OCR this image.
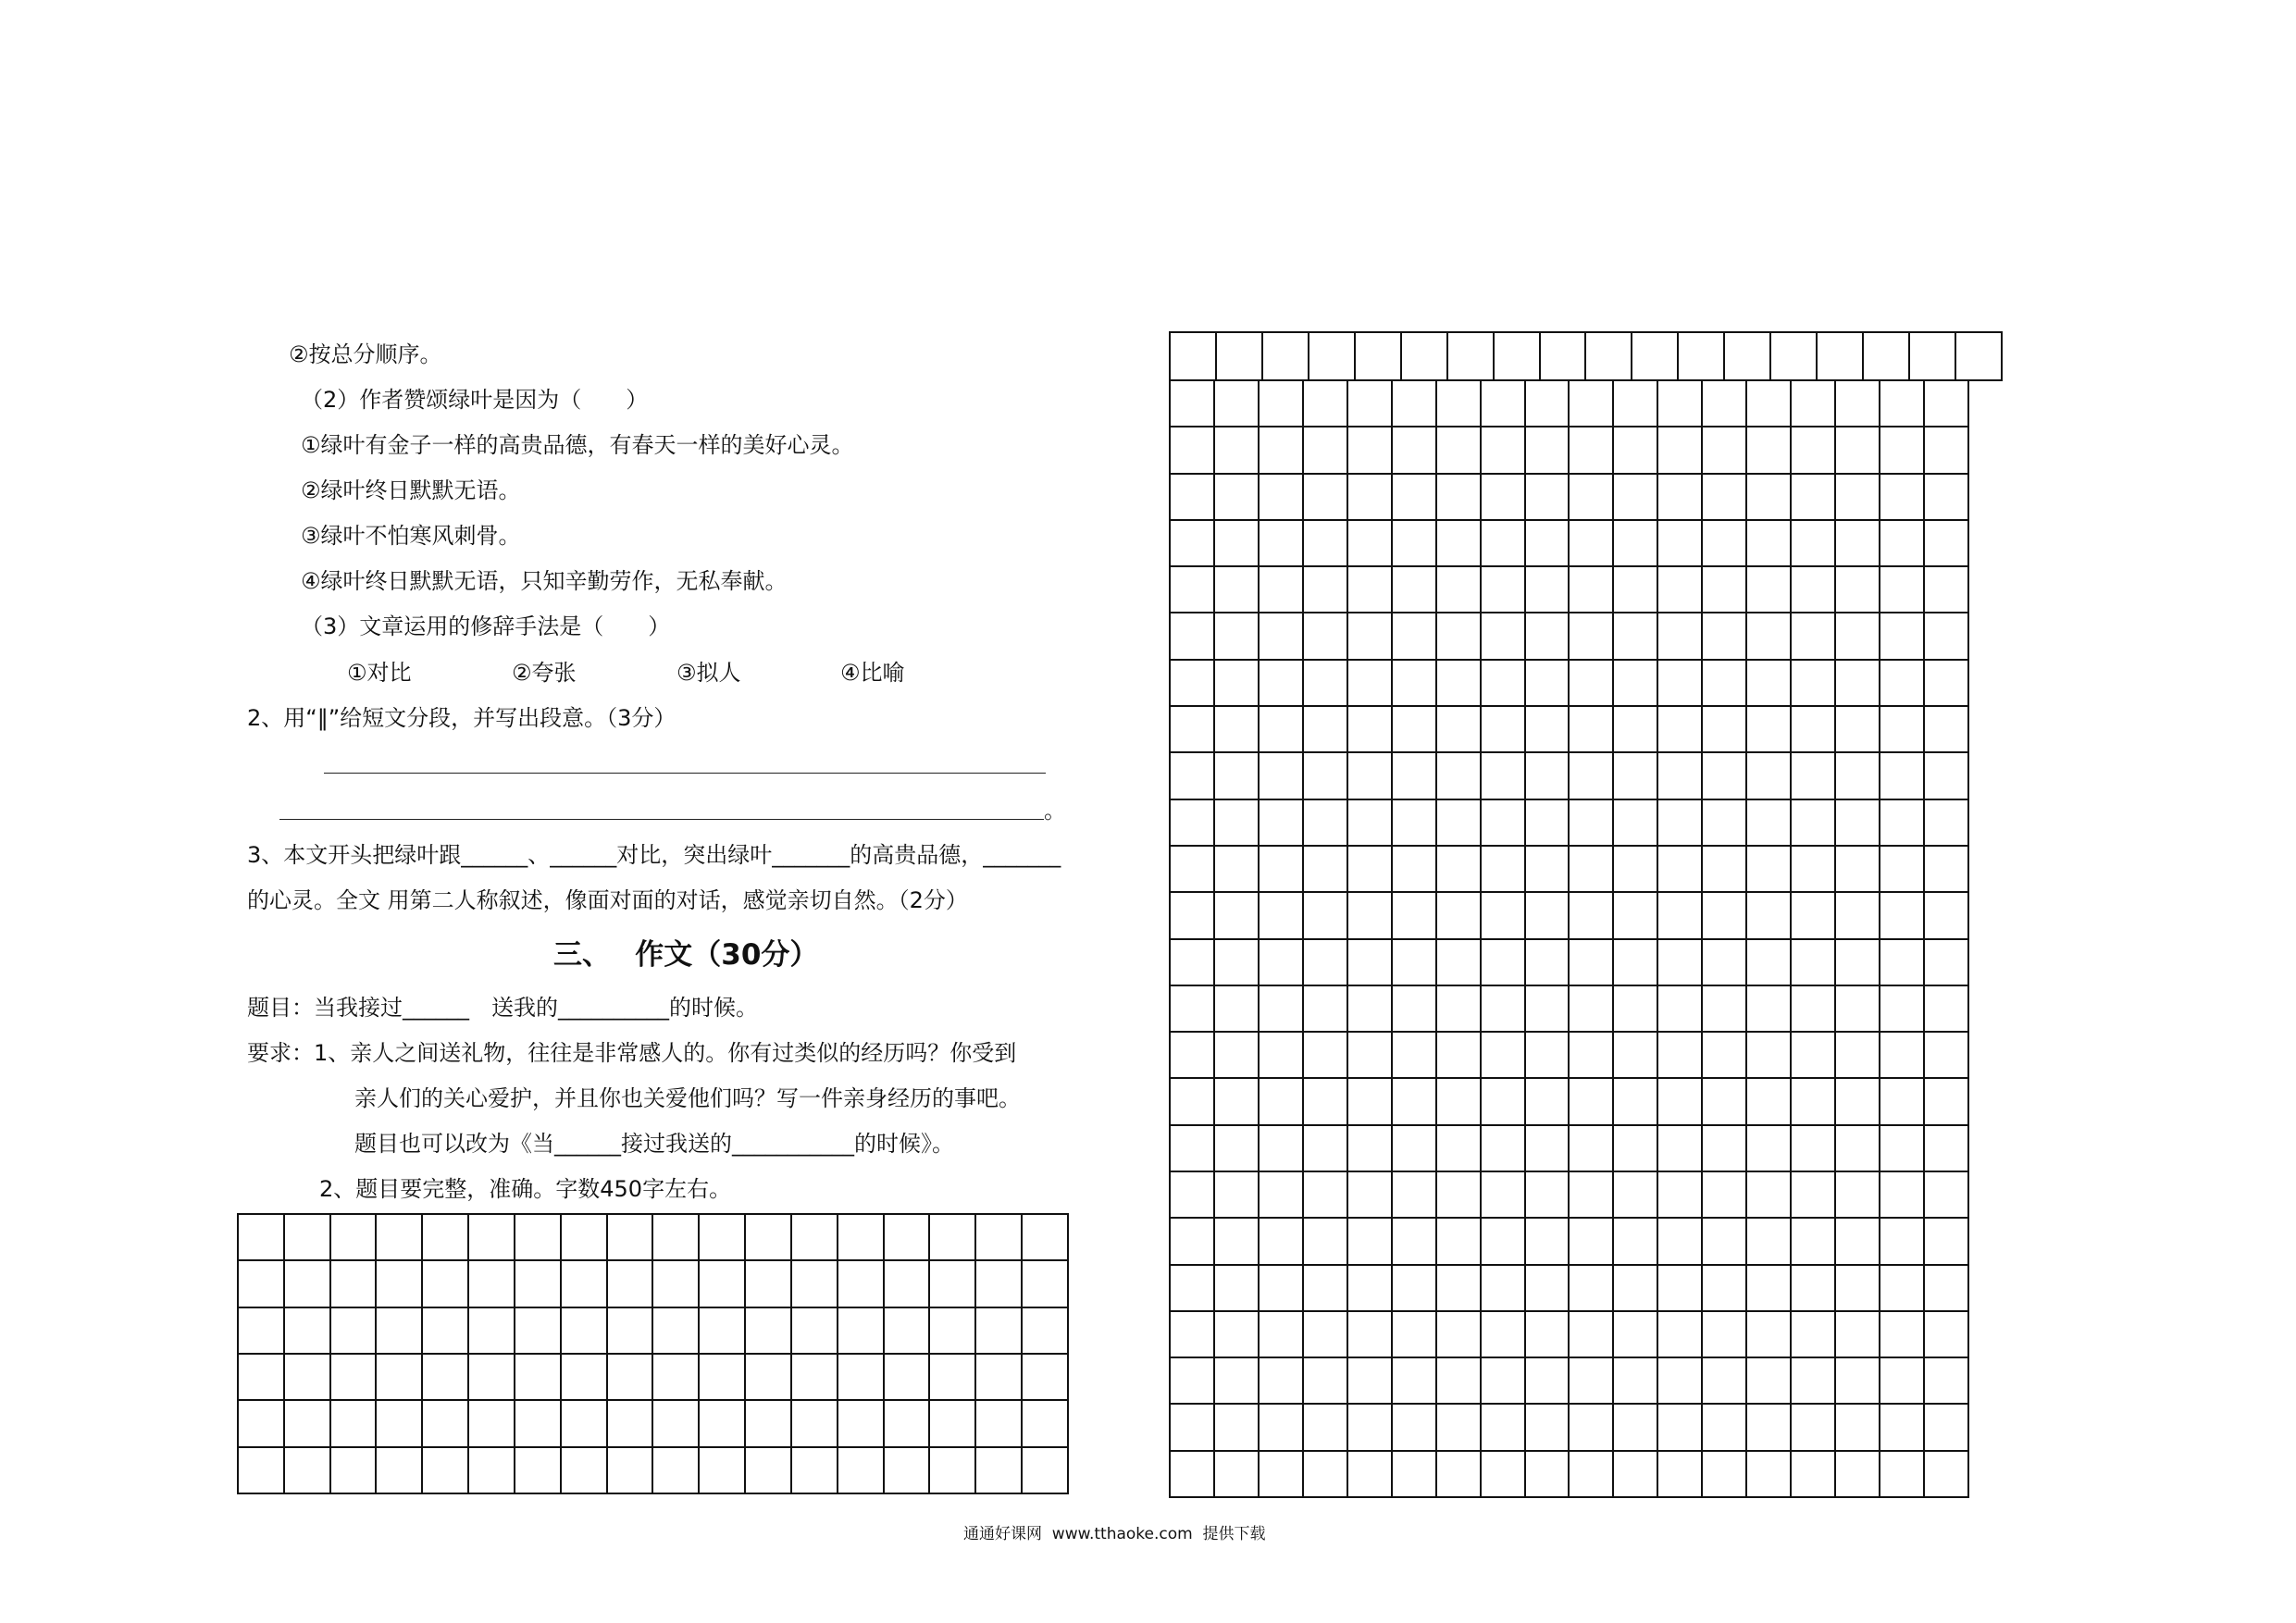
②按总分顺序。
（2）作者赞颂绿叶是因为（　　）
①绿叶有金子一样的高贵品德，有春天一样的美好心灵。
②绿叶终日默默无语。
③绿叶不怕寒风刺骨。
④绿叶终日默默无语，只知辛勤劳作，无私奉献。
（3）文章运用的修辞手法是（　　）
①对比	②夸张	③拟人	④比喻
2、用“‖”给短文分段，并写出段意。（3分）
。
3、本文开头把绿叶跟______、______对比，突出绿叶_______的高贵品德，_______
的心灵。全文 用第二人称叙述，像面对面的对话，感觉亲切自然。（2分）
三、　 作文（30分）
题目：当我接过______　送我的__________的时候。
要求：1、亲人之间送礼物，往往是非常感人的。你有过类似的经历吗？你受到
亲人们的关心爱护，并且你也关爱他们吗？写一件亲身经历的事吧。
题目也可以改为《当______接过我送的___________的时候》。
2、题目要完整，准确。字数450字左右。
通通好课网  www.tthaoke.com  提供下载
